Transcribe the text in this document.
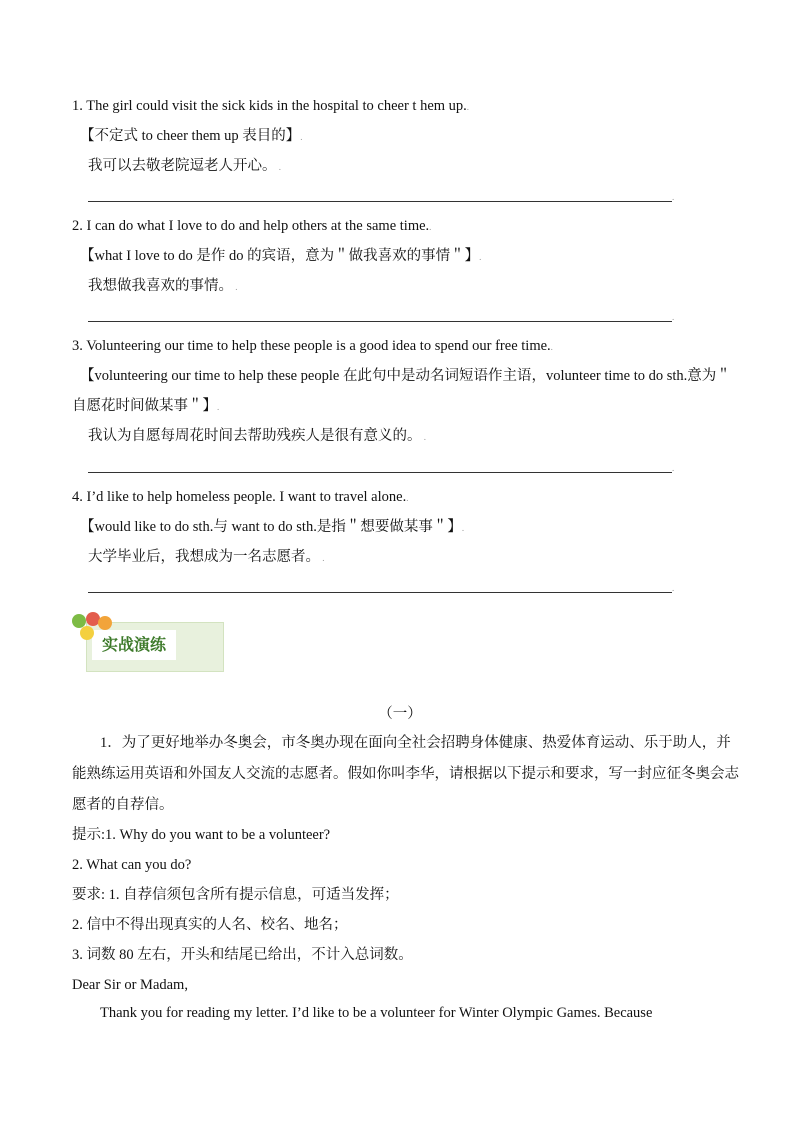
1. The girl could visit the sick kids in the hospital to cheer t hem up..
【不定式 to cheer them up 表目的】.
我可以去敬老院逗老人开心。 .
.
2. I can do what I love to do and help others at the same time..
【what I love to do 是作 do 的宾语，意为＂做我喜欢的事情＂】.
我想做我喜欢的事情。 .
.
3. Volunteering our time to help these people is a good idea to spend our free time..
【volunteering our time to help these people 在此句中是动名词短语作主语，volunteer time to do sth.意为＂
自愿花时间做某事＂】.
我认为自愿每周花时间去帮助残疾人是很有意义的。 .
.
4. I’d like to help homeless people. I want to travel alone..
【would like to do sth.与 want to do sth.是指＂想要做某事＂】.
大学毕业后，我想成为一名志愿者。 .
.
实战演练
（一）
1．为了更好地举办冬奥会，市冬奥办现在面向全社会招聘身体健康、热爱体育运动、乐于助人，并
能熟练运用英语和外国友人交流的志愿者。假如你叫李华，请根据以下提示和要求，写一封应征冬奥会志
愿者的自荐信。
提示:1. Why do you want to be a volunteer?
2. What can you do?
要求: 1. 自荐信须包含所有提示信息，可适当发挥；
2. 信中不得出现真实的人名、校名、地名；
3. 词数 80 左右，开头和结尾已给出，不计入总词数。
Dear Sir or Madam,
Thank you for reading my letter. I’d like to be a volunteer for Winter Olympic Games. Because
